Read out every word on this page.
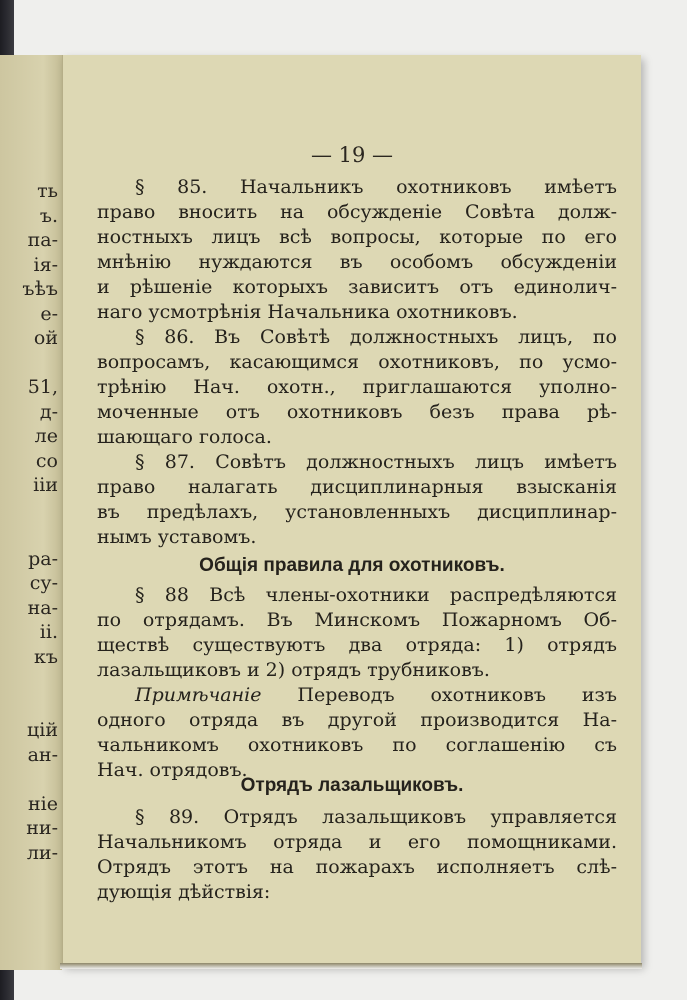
ть
ъ.
па-
ія-
ъѣъ
е-
ой
51,
д-
ле
со
ііи
ра-
су-
на-
ii.
къ
цій
ан-
ніе
ни-
ли-
— 19 —
§ 85. Начальникъ охотниковъ имѣетъ
право вносить на обсужденіе Совѣта долж-
ностныхъ лицъ всѣ вопросы, которые по его
мнѣнію нуждаются въ особомъ обсужденіи
и рѣшеніе которыхъ зависитъ отъ единолич-
наго усмотрѣнія Начальника охотниковъ.
§ 86. Въ Совѣтѣ должностныхъ лицъ, по
вопросамъ, касающимся охотниковъ, по усмо-
трѣнію Нач. охотн., приглашаются уполно-
моченные отъ охотниковъ безъ права рѣ-
шающаго голоса.
§ 87. Совѣтъ должностныхъ лицъ имѣетъ
право налагать дисциплинарныя взысканія
въ предѣлахъ, установленныхъ дисциплинар-
нымъ уставомъ.
Общія правила для охотниковъ.
§ 88 Всѣ члены-охотники распредѣляются
по отрядамъ. Въ Минскомъ Пожарномъ Об-
ществѣ существуютъ два отряда: 1) отрядъ
лазальщиковъ и 2) отрядъ трубниковъ.
Примѣчаніе Переводъ охотниковъ изъ
одного отряда въ другой производится На-
чальникомъ охотниковъ по соглашенію съ
Нач. отрядовъ.
Отрядъ лазальщиковъ.
§ 89. Отрядъ лазальщиковъ управляется
Начальникомъ отряда и его помощниками.
Отрядъ этотъ на пожарахъ исполняетъ слѣ-
дующія дѣйствія:
